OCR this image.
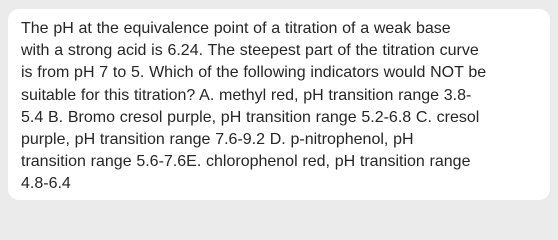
The pH at the equivalence point of a titration of a weak base
with a strong acid is 6.24. The steepest part of the titration curve
is from pH 7 to 5. Which of the following indicators would NOT be
suitable for this titration? A. methyl red, pH transition range 3.8-
5.4 B. Bromo cresol purple, pH transition range 5.2-6.8 C. cresol
purple, pH transition range 7.6-9.2 D. p-nitrophenol, pH
transition range 5.6-7.6E. chlorophenol red, pH transition range
4.8-6.4
